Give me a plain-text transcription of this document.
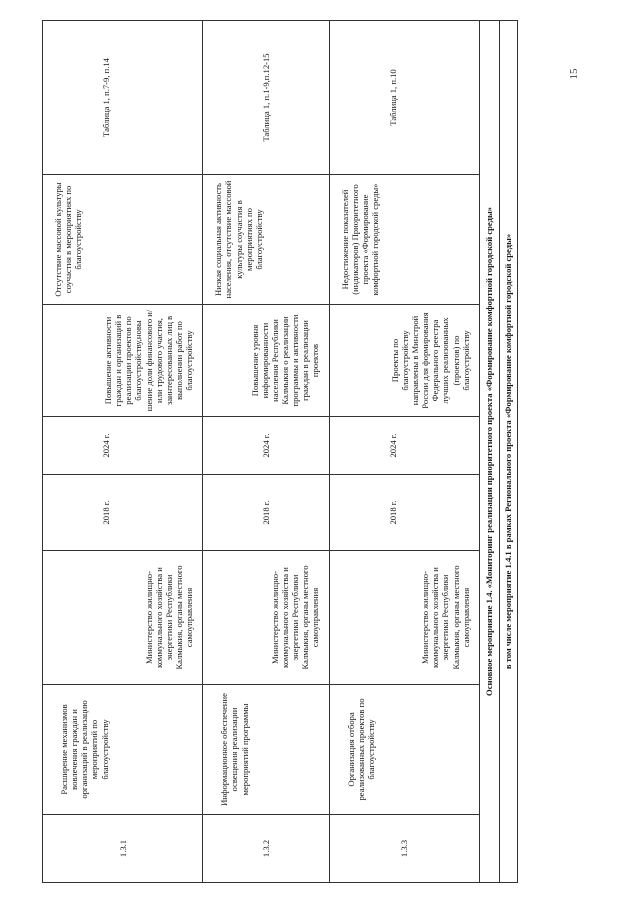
15
1.3.1	Расширение механизмов вовлечения граждан и организаций в реализацию мероприятий по благоустройству	Министерство жилищно-коммунального хозяйства и энергетики Республики Калмыкия, органы местного самоуправления	2018 г.	2024 г.	Повышение активности граждан и организаций в реализации проектов по благоустройству,новы шение доли финансового и/или трудового участия, заинтересованных лиц в выполнении работ по благоустройству	Отсутствие массовой культуры соучастия в мероприятиях по благоустройству	Таблица 1, п.7-9, п.14
1.3.2	Информационное обеспечение освещения реализации мероприятий программы	Министерство жилищно-коммунального хозяйства и энергетики Республики Калмыкия, органы местного самоуправления	2018 г.	2024 г.	Повышение уровня информированности населения Республики Калмыкия о реализации программы и активности граждан в реализации проектов	Низкая социальная активность населения, отсутствие массовой культуры соучастия в мероприятиях по благоустройству	Таблица 1, п.1-9,п.12-15
1.3.3	Организация отбора реализованных проектов по благоустройству	Министерство жилищно-коммунального хозяйства и энергетики Республики Калмыкия, органы местного самоуправления	2018 г.	2024 г.	Проекты по благоустройству направлены в Минстрой России для формирования Федерального реестра лучших реализованных (проектов) по благоустройству	Недостижение показателей (индикаторов) Приоритетного проекта «Формирование комфортной городской среды»	Таблица 1, п.10
Основное мероприятие 1.4. «Мониторинг реализации приоритетного проекта «Формирование комфортной городской среды»							
в том числе мероприятие 1.4.1 в рамках Регионального проекта «Формирование комфортной городской среды»							
